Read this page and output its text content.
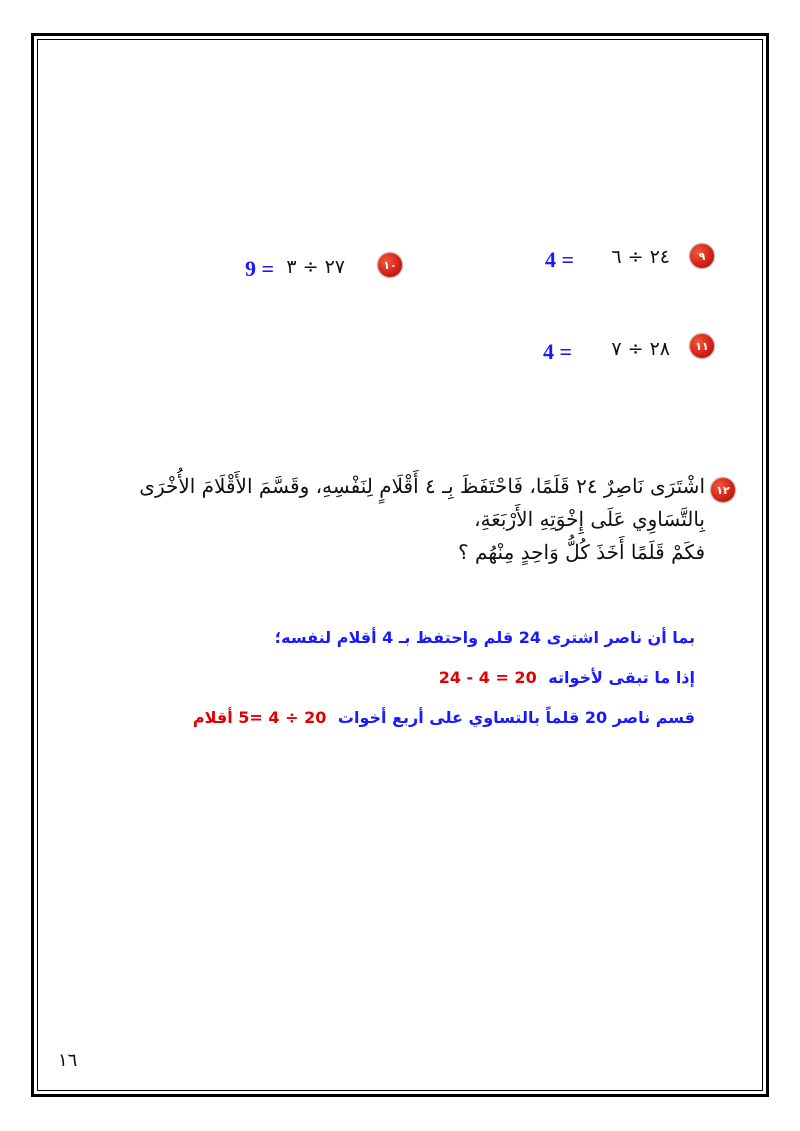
٩
٢٤ ÷ ٦
4 =
١٠
٢٧ ÷ ٣
9 =
١١
٢٨ ÷ ٧
4 =
١٢
اشْتَرَى نَاصِرٌ ٢٤ قَلَمًا، فَاحْتَفَظَ بِـ ٤ أَقْلَامٍ لِنَفْسِهِ، وقَسَّمَ الأَقْلَامَ الأُخْرَى بِالتَّسَاوِي عَلَى إِخْوَتِهِ الأَرْبَعَةِ،
فكَمْ قَلَمًا أَخَذَ كُلُّ وَاحِدٍ مِنْهُم ؟
بما أن ناصر اشترى 24 قلم واحتفظ بـ 4 أقلام لنفسه؛
إذا ما تبقى لأخواته 24 - 4 = 20
قسم ناصر 20 قلماً بالتساوي على أربع أخوات 20 ÷ 4 =5 أقلام
١٦
